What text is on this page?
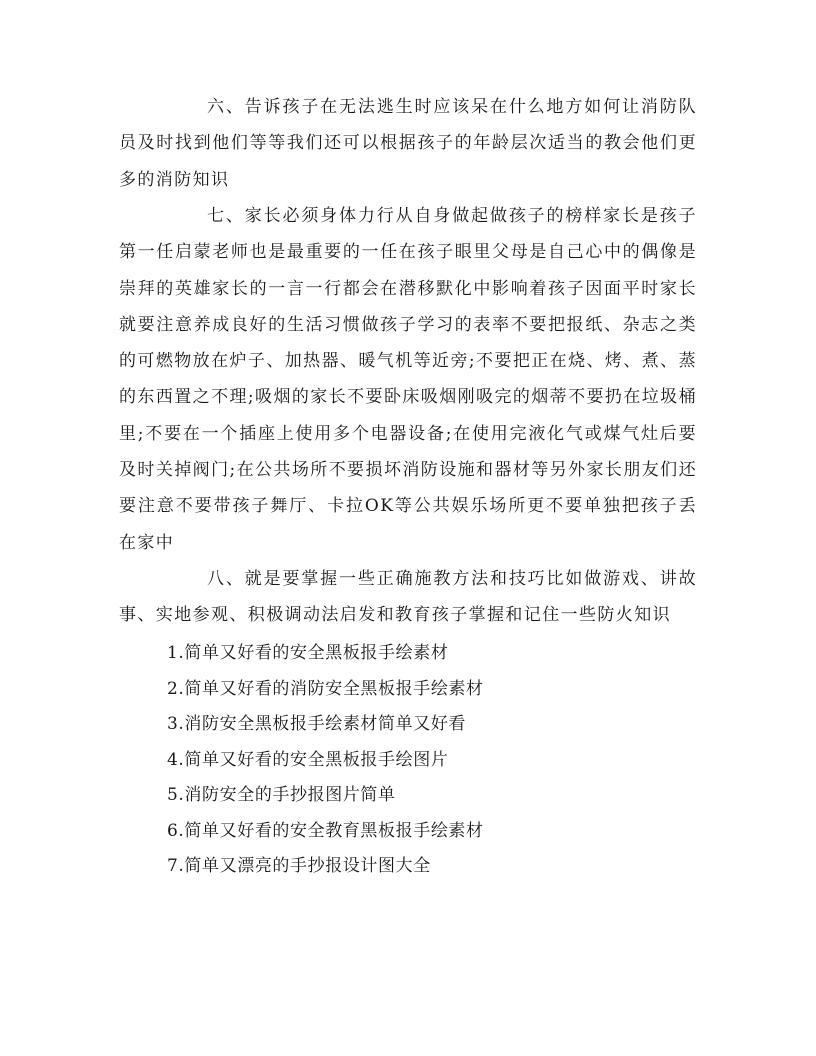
六、告诉孩子在无法逃生时应该呆在什么地方如何让消防队员及时找到他们等等我们还可以根据孩子的年龄层次适当的教会他们更多的消防知识

七、家长必须身体力行从自身做起做孩子的榜样家长是孩子第一任启蒙老师也是最重要的一任在孩子眼里父母是自己心中的偶像是崇拜的英雄家长的一言一行都会在潜移默化中影响着孩子因面平时家长就要注意养成良好的生活习惯做孩子学习的表率不要把报纸、杂志之类的可燃物放在炉子、加热器、暖气机等近旁;不要把正在烧、烤、煮、蒸的东西置之不理;吸烟的家长不要卧床吸烟刚吸完的烟蒂不要扔在垃圾桶里;不要在一个插座上使用多个电器设备;在使用完液化气或煤气灶后要及时关掉阀门;在公共场所不要损坏消防设施和器材等另外家长朋友们还要注意不要带孩子舞厅、卡拉OK等公共娱乐场所更不要单独把孩子丢在家中

八、就是要掌握一些正确施教方法和技巧比如做游戏、讲故事、实地参观、积极调动法启发和教育孩子掌握和记住一些防火知识

1.简单又好看的安全黑板报手绘素材
2.简单又好看的消防安全黑板报手绘素材
3.消防安全黑板报手绘素材简单又好看
4.简单又好看的安全黑板报手绘图片
5.消防安全的手抄报图片简单
6.简单又好看的安全教育黑板报手绘素材
7.简单又漂亮的手抄报设计图大全
